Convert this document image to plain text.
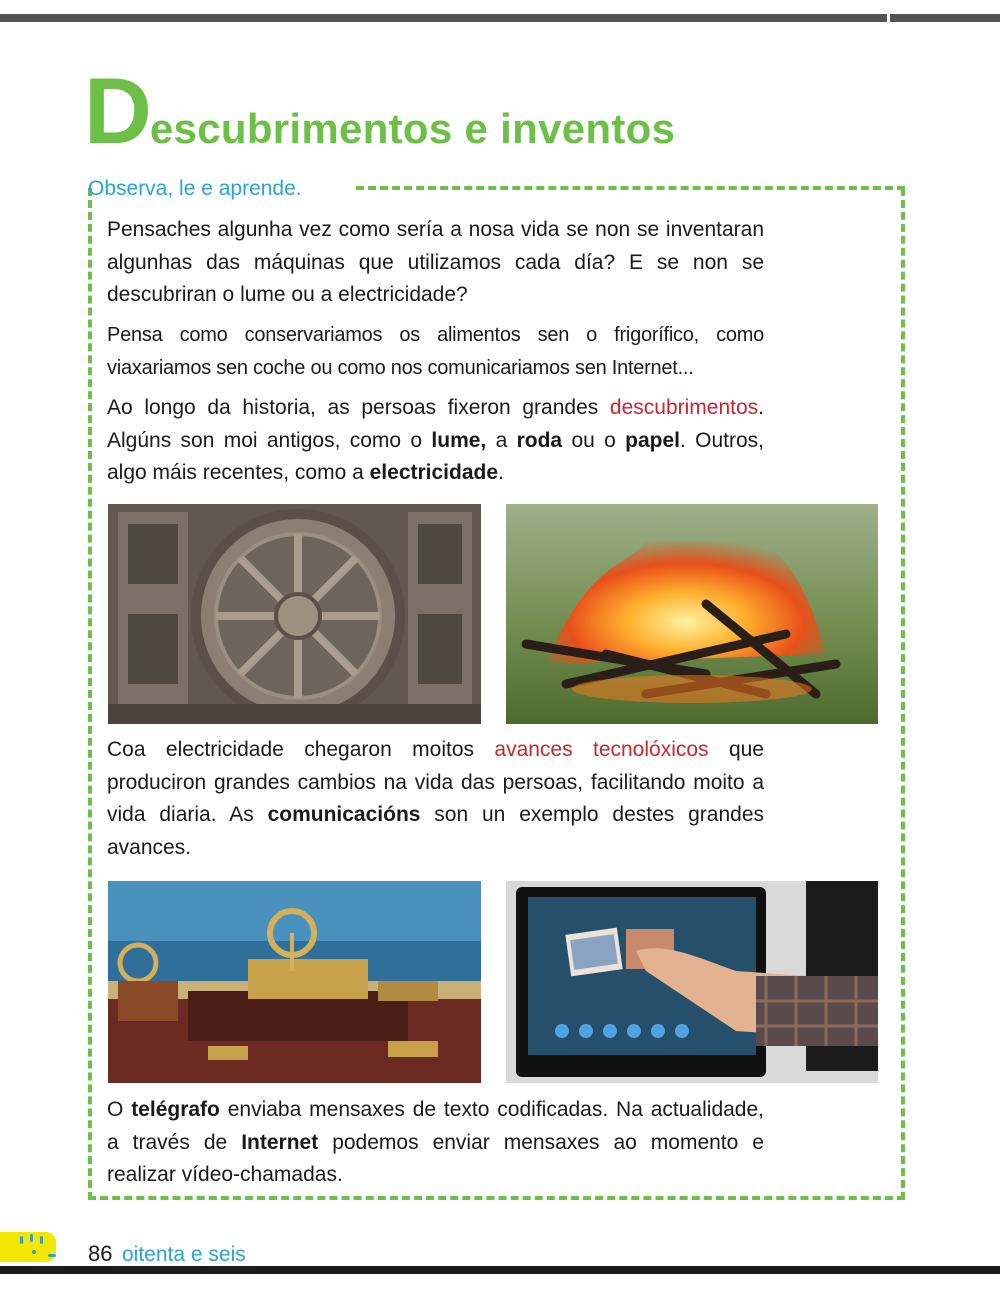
Descubrimentos e inventos
Observa, le e aprende.

Pensaches algunha vez como sería a nosa vida se non se inventaran algunhas das máquinas que utilizamos cada día? E se non se descubriran o lume ou a electricidade?

Pensa como conservariamos os alimentos sen o frigorífico, como viaxariamos sen coche ou como nos comunicariamos sen Internet...

Ao longo da historia, as persoas fixeron grandes descubrimentos. Algúns son moi antigos, como o lume, a roda ou o papel. Outros, algo máis recentes, como a electricidade.

Coa electricidade chegaron moitos avances tecnolóxicos que produciron grandes cambios na vida das persoas, facilitando moito a vida diaria. As comunicacións son un exemplo destes grandes avances.

O telégrafo enviaba mensaxes de texto codificadas. Na actualidade, a través de Internet podemos enviar mensaxes ao momento e realizar vídeo-chamadas.

86 oitenta e seis
